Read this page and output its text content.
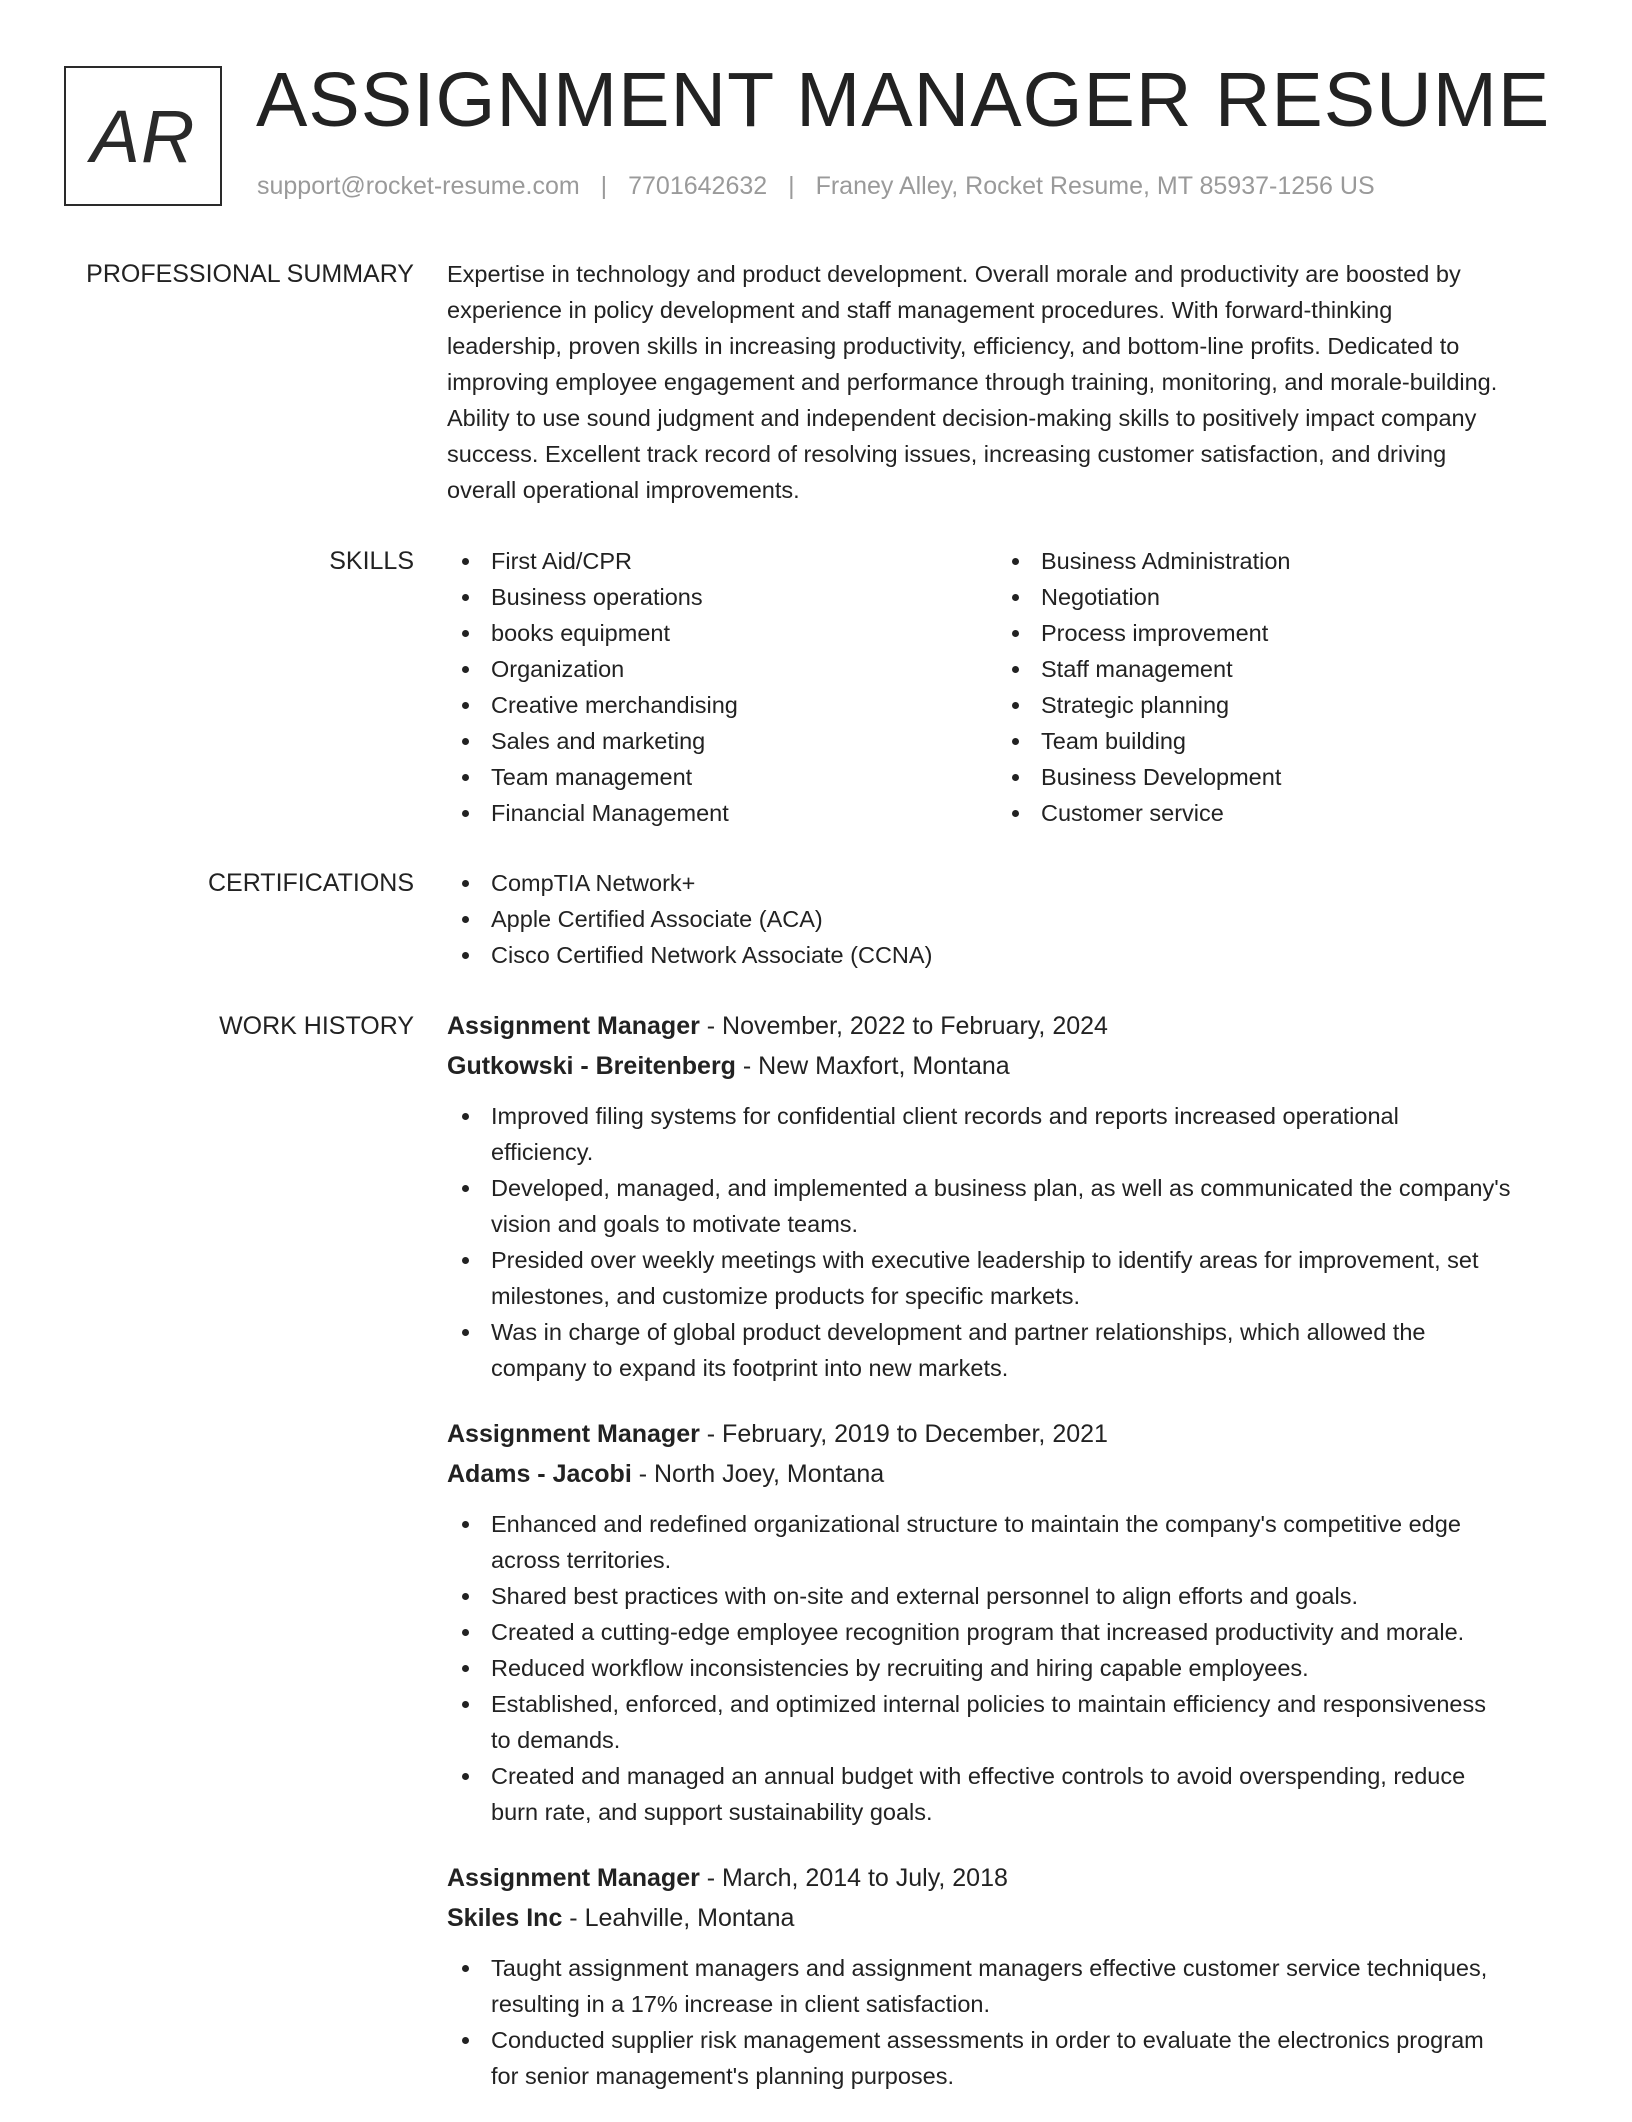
AR ASSIGNMENT MANAGER RESUME
support@rocket-resume.com | 7701642632 | Franey Alley, Rocket Resume, MT 85937-1256 US
PROFESSIONAL SUMMARY Expertise in technology and product development. Overall morale and productivity are boosted by

experience in policy development and staff management procedures. With forward-thinking

leadership, proven skills in increasing productivity, efficiency, and bottom-line profits. Dedicated to

improving employee engagement and performance through training, monitoring, and morale-building.

Ability to use sound judgment and independent decision-making skills to positively impact company

success. Excellent track record of resolving issues, increasing customer satisfaction, and driving

overall operational improvements.

SKILLS	First Aid/CPR
Business operations
books equipment
Organization
Creative merchandising
Sales and marketing
Team management
Financial Management
Business Administration
Negotiation
Process improvement
Staff management
Strategic planning
Team building
Business Development
Customer service
CERTIFICATIONS	CompTIA Network+
Apple Certified Associate (ACA)
Cisco Certified Network Associate (CCNA)
WORK HISTORY Assignment Manager - November, 2022 to February, 2024
Gutkowski - Breitenberg - New Maxfort, Montana
Improved filing systems for confidential client records and reports increased operational
efficiency.
Developed, managed, and implemented a business plan, as well as communicated the company's
vision and goals to motivate teams.
Presided over weekly meetings with executive leadership to identify areas for improvement, set
milestones, and customize products for specific markets.
Was in charge of global product development and partner relationships, which allowed the
company to expand its footprint into new markets.
Assignment Manager - February, 2019 to December, 2021
Adams - Jacobi - North Joey, Montana
Enhanced and redefined organizational structure to maintain the company's competitive edge
across territories.
Shared best practices with on-site and external personnel to align efforts and goals.
Created a cutting-edge employee recognition program that increased productivity and morale.
Reduced workflow inconsistencies by recruiting and hiring capable employees.
Established, enforced, and optimized internal policies to maintain efficiency and responsiveness
to demands.
Created and managed an annual budget with effective controls to avoid overspending, reduce
burn rate, and support sustainability goals.
Assignment Manager - March, 2014 to July, 2018
Skiles Inc - Leahville, Montana
Taught assignment managers and assignment managers effective customer service techniques,
resulting in a 17% increase in client satisfaction.
Conducted supplier risk management assessments in order to evaluate the electronics program
for senior management's planning purposes.
